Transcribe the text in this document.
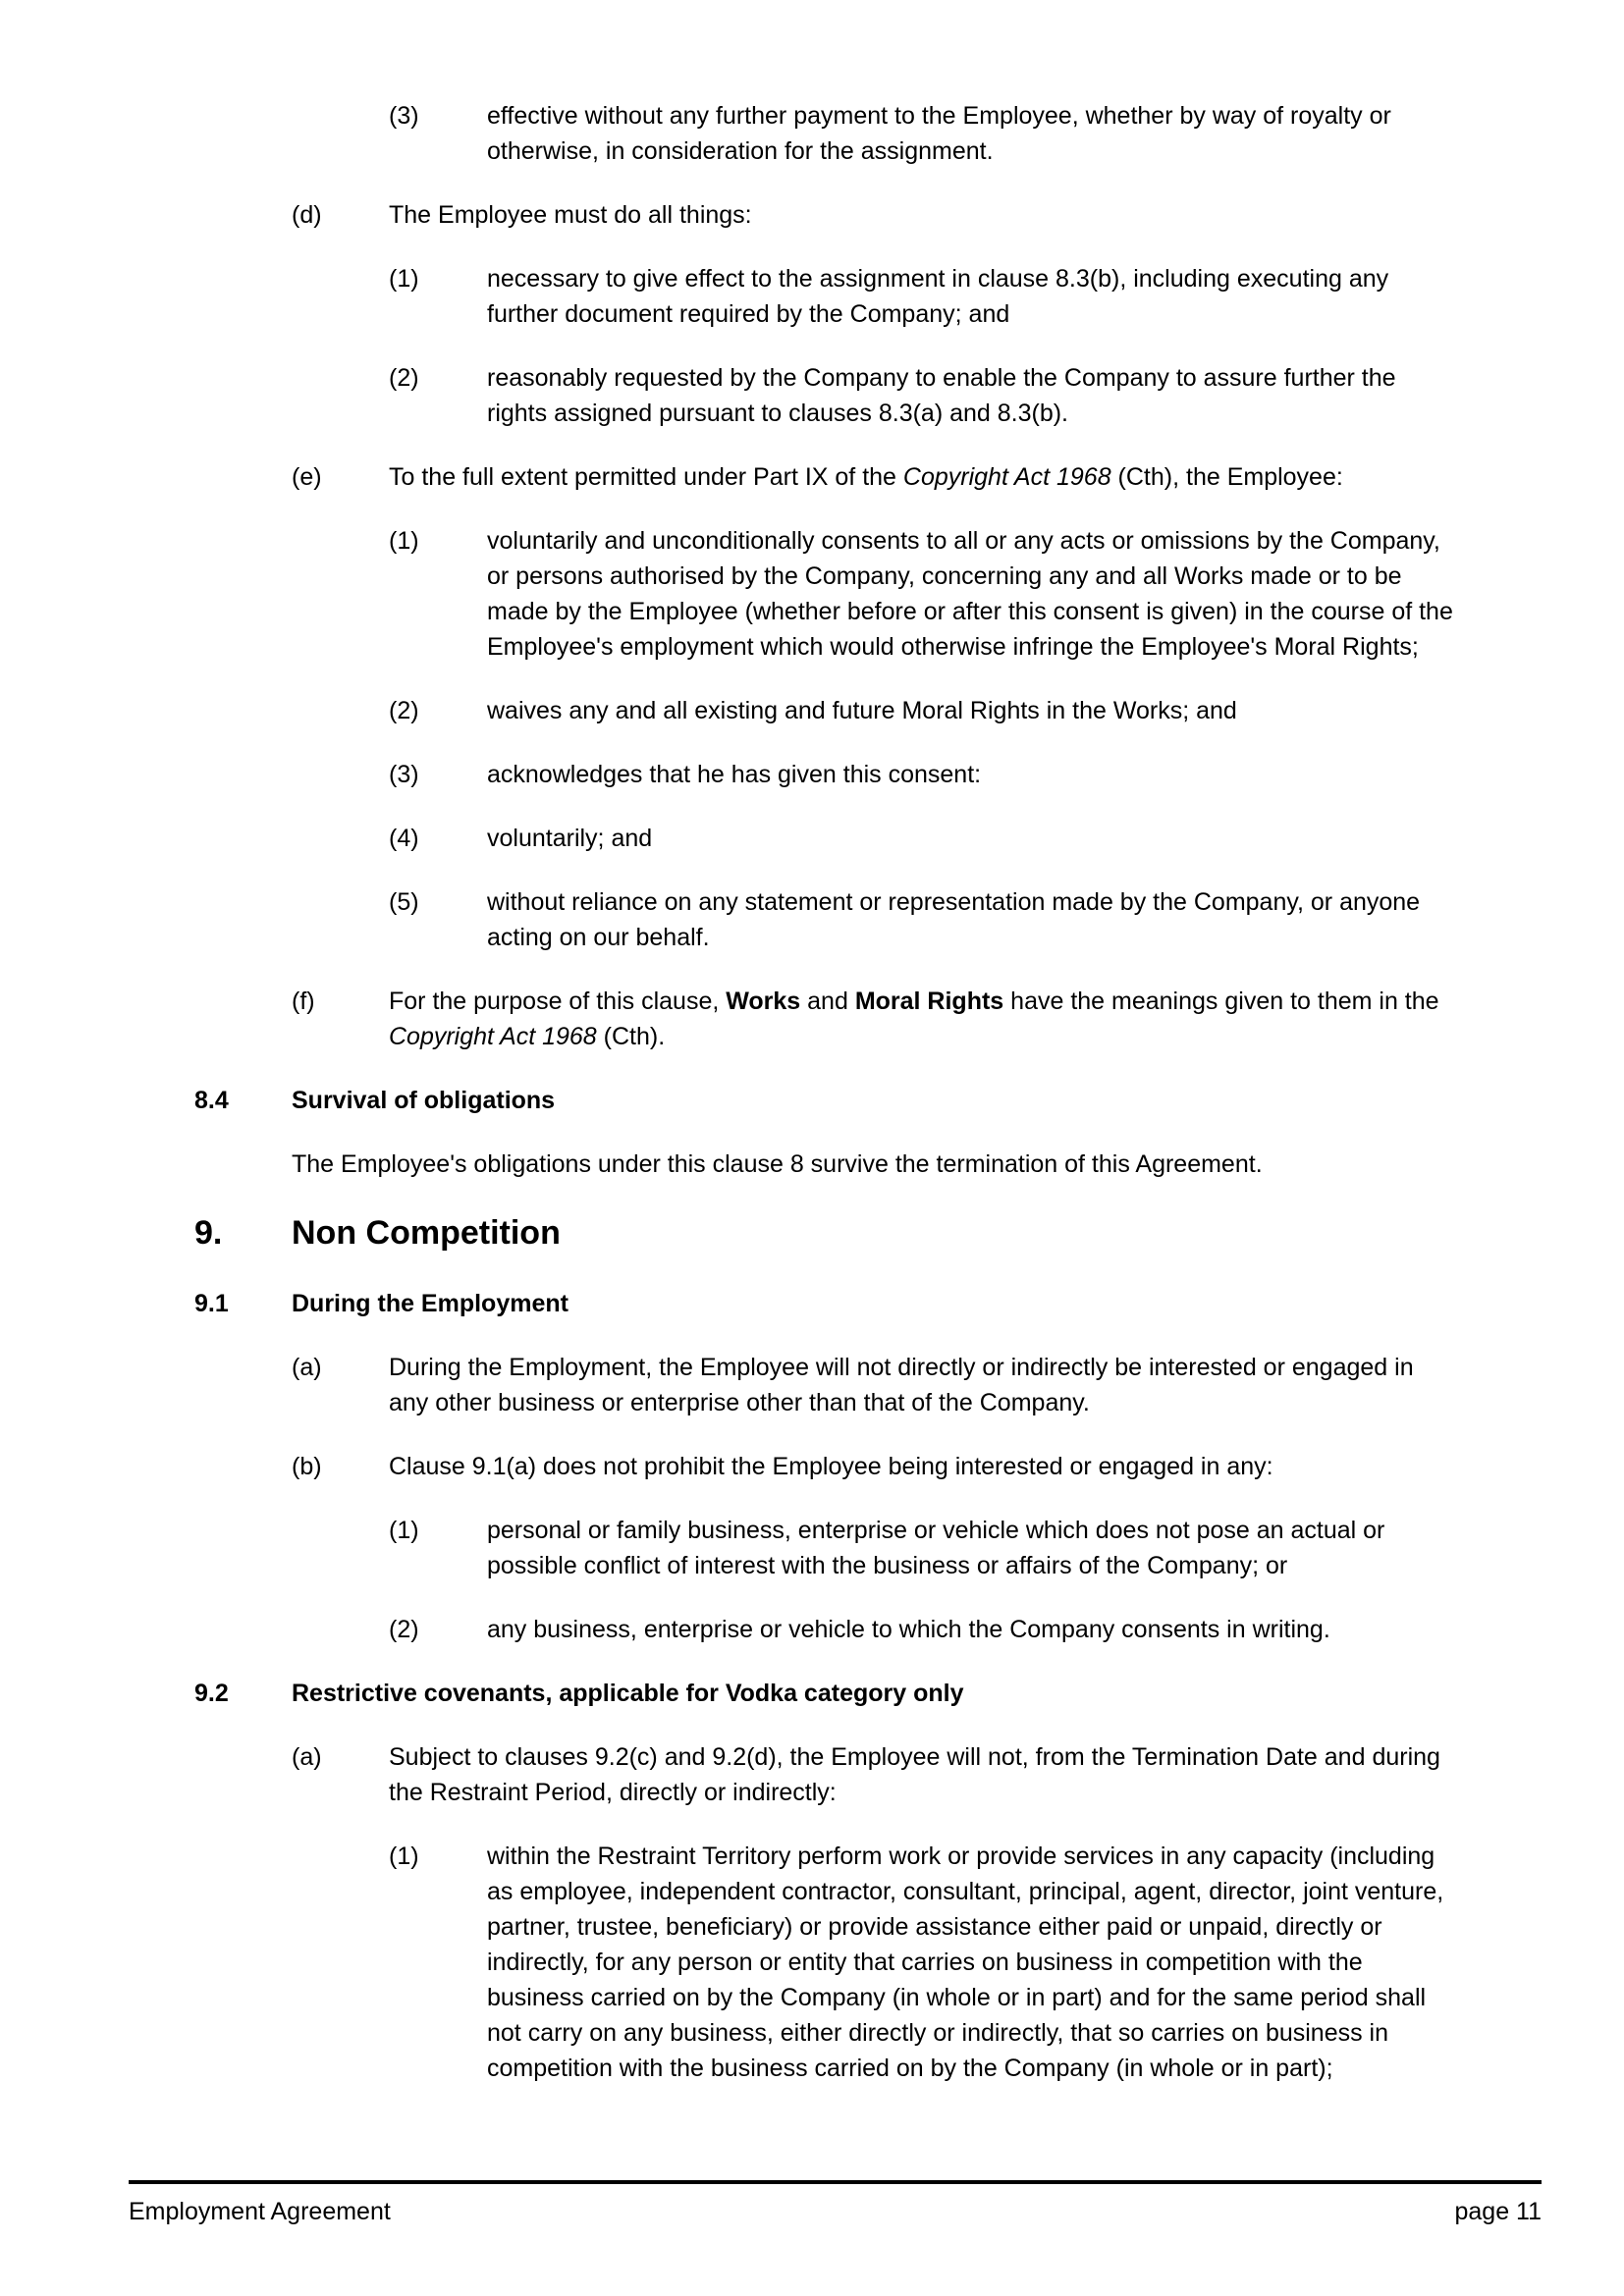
(3)	effective without any further payment to the Employee, whether by way of royalty or otherwise, in consideration for the assignment.
(d)	The Employee must do all things:
(1)	necessary to give effect to the assignment in clause 8.3(b), including executing any further document required by the Company; and
(2)	reasonably requested by the Company to enable the Company to assure further the rights assigned pursuant to clauses 8.3(a) and 8.3(b).
(e)	To the full extent permitted under Part IX of the Copyright Act 1968 (Cth), the Employee:
(1)	voluntarily and unconditionally consents to all or any acts or omissions by the Company, or persons authorised by the Company, concerning any and all Works made or to be made by the Employee (whether before or after this consent is given) in the course of the Employee's employment which would otherwise infringe the Employee's Moral Rights;
(2)	waives any and all existing and future Moral Rights in the Works; and
(3)	acknowledges that he has given this consent:
(4)	voluntarily; and
(5)	without reliance on any statement or representation made by the Company, or anyone acting on our behalf.
(f)	For the purpose of this clause, Works and Moral Rights have the meanings given to them in the Copyright Act 1968 (Cth).
8.4	Survival of obligations
The Employee's obligations under this clause 8 survive the termination of this Agreement.
9. Non Competition
9.1	During the Employment
(a)	During the Employment, the Employee will not directly or indirectly be interested or engaged in any other business or enterprise other than that of the Company.
(b)	Clause 9.1(a) does not prohibit the Employee being interested or engaged in any:
(1)	personal or family business, enterprise or vehicle which does not pose an actual or possible conflict of interest with the business or affairs of the Company; or
(2)	any business, enterprise or vehicle to which the Company consents in writing.
9.2	Restrictive covenants, applicable for Vodka category only
(a)	Subject to clauses 9.2(c) and 9.2(d), the Employee will not, from the Termination Date and during the Restraint Period, directly or indirectly:
(1)	within the Restraint Territory perform work or provide services in any capacity (including as employee, independent contractor, consultant, principal, agent, director, joint venture, partner, trustee, beneficiary) or provide assistance either paid or unpaid, directly or indirectly, for any person or entity that carries on business in competition with the business carried on by the Company (in whole or in part) and for the same period shall not carry on any business, either directly or indirectly, that so carries on business in competition with the business carried on by the Company (in whole or in part);
Employment Agreement	page 11
